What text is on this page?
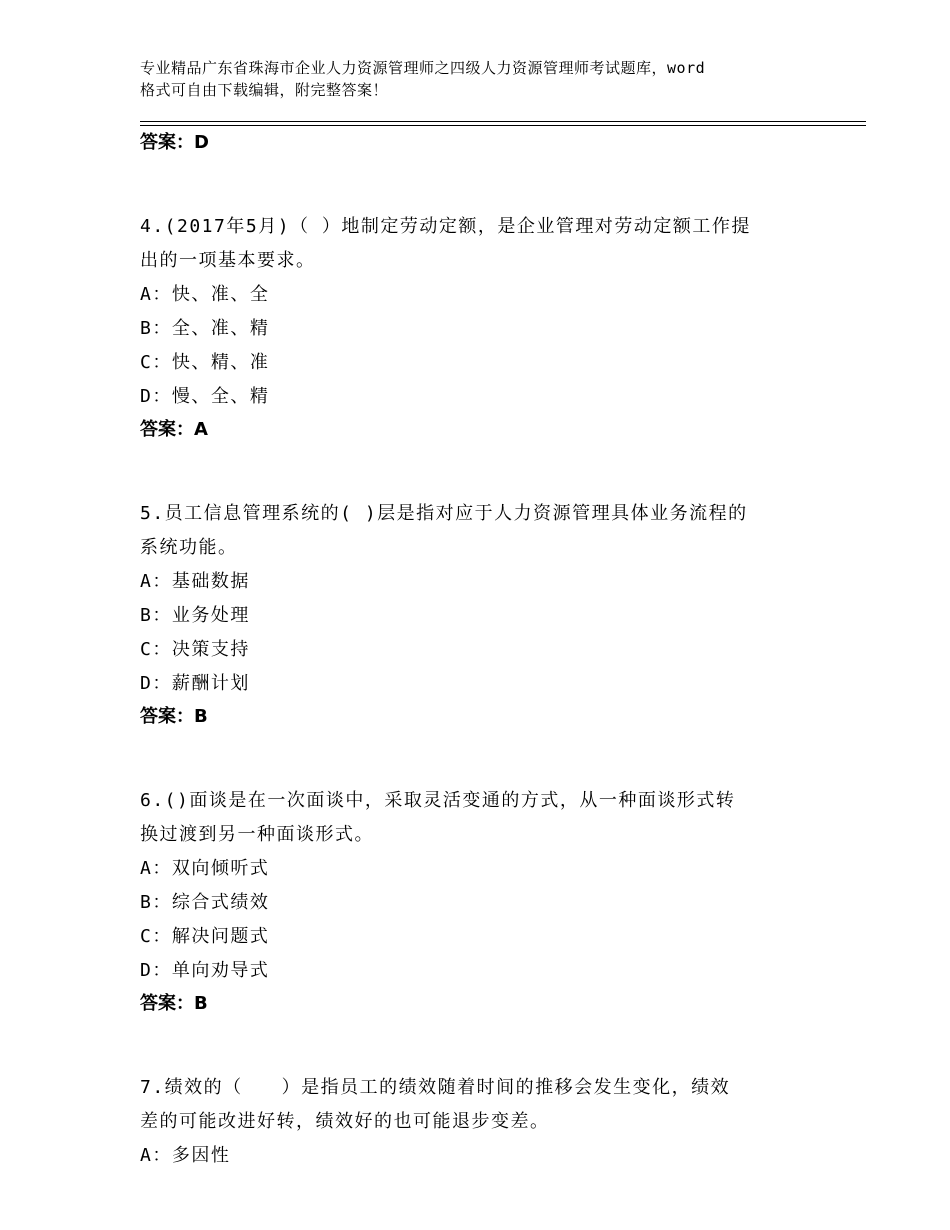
专业精品广东省珠海市企业人力资源管理师之四级人力资源管理师考试题库，word
格式可自由下载编辑，附完整答案！
答案：D
4.(2017年5月)（ ）地制定劳动定额，是企业管理对劳动定额工作提
出的一项基本要求。
A：快、准、全
B：全、准、精
C：快、精、准
D：慢、全、精
答案：A
5.员工信息管理系统的( )层是指对应于人力资源管理具体业务流程的
系统功能。
A：基础数据
B：业务处理
C：决策支持
D：薪酬计划
答案：B
6.()面谈是在一次面谈中，采取灵活变通的方式，从一种面谈形式转
换过渡到另一种面谈形式。
A：双向倾听式
B：综合式绩效
C：解决问题式
D：单向劝导式
答案：B
7.绩效的（　　）是指员工的绩效随着时间的推移会发生变化，绩效
差的可能改进好转，绩效好的也可能退步变差。
A：多因性
